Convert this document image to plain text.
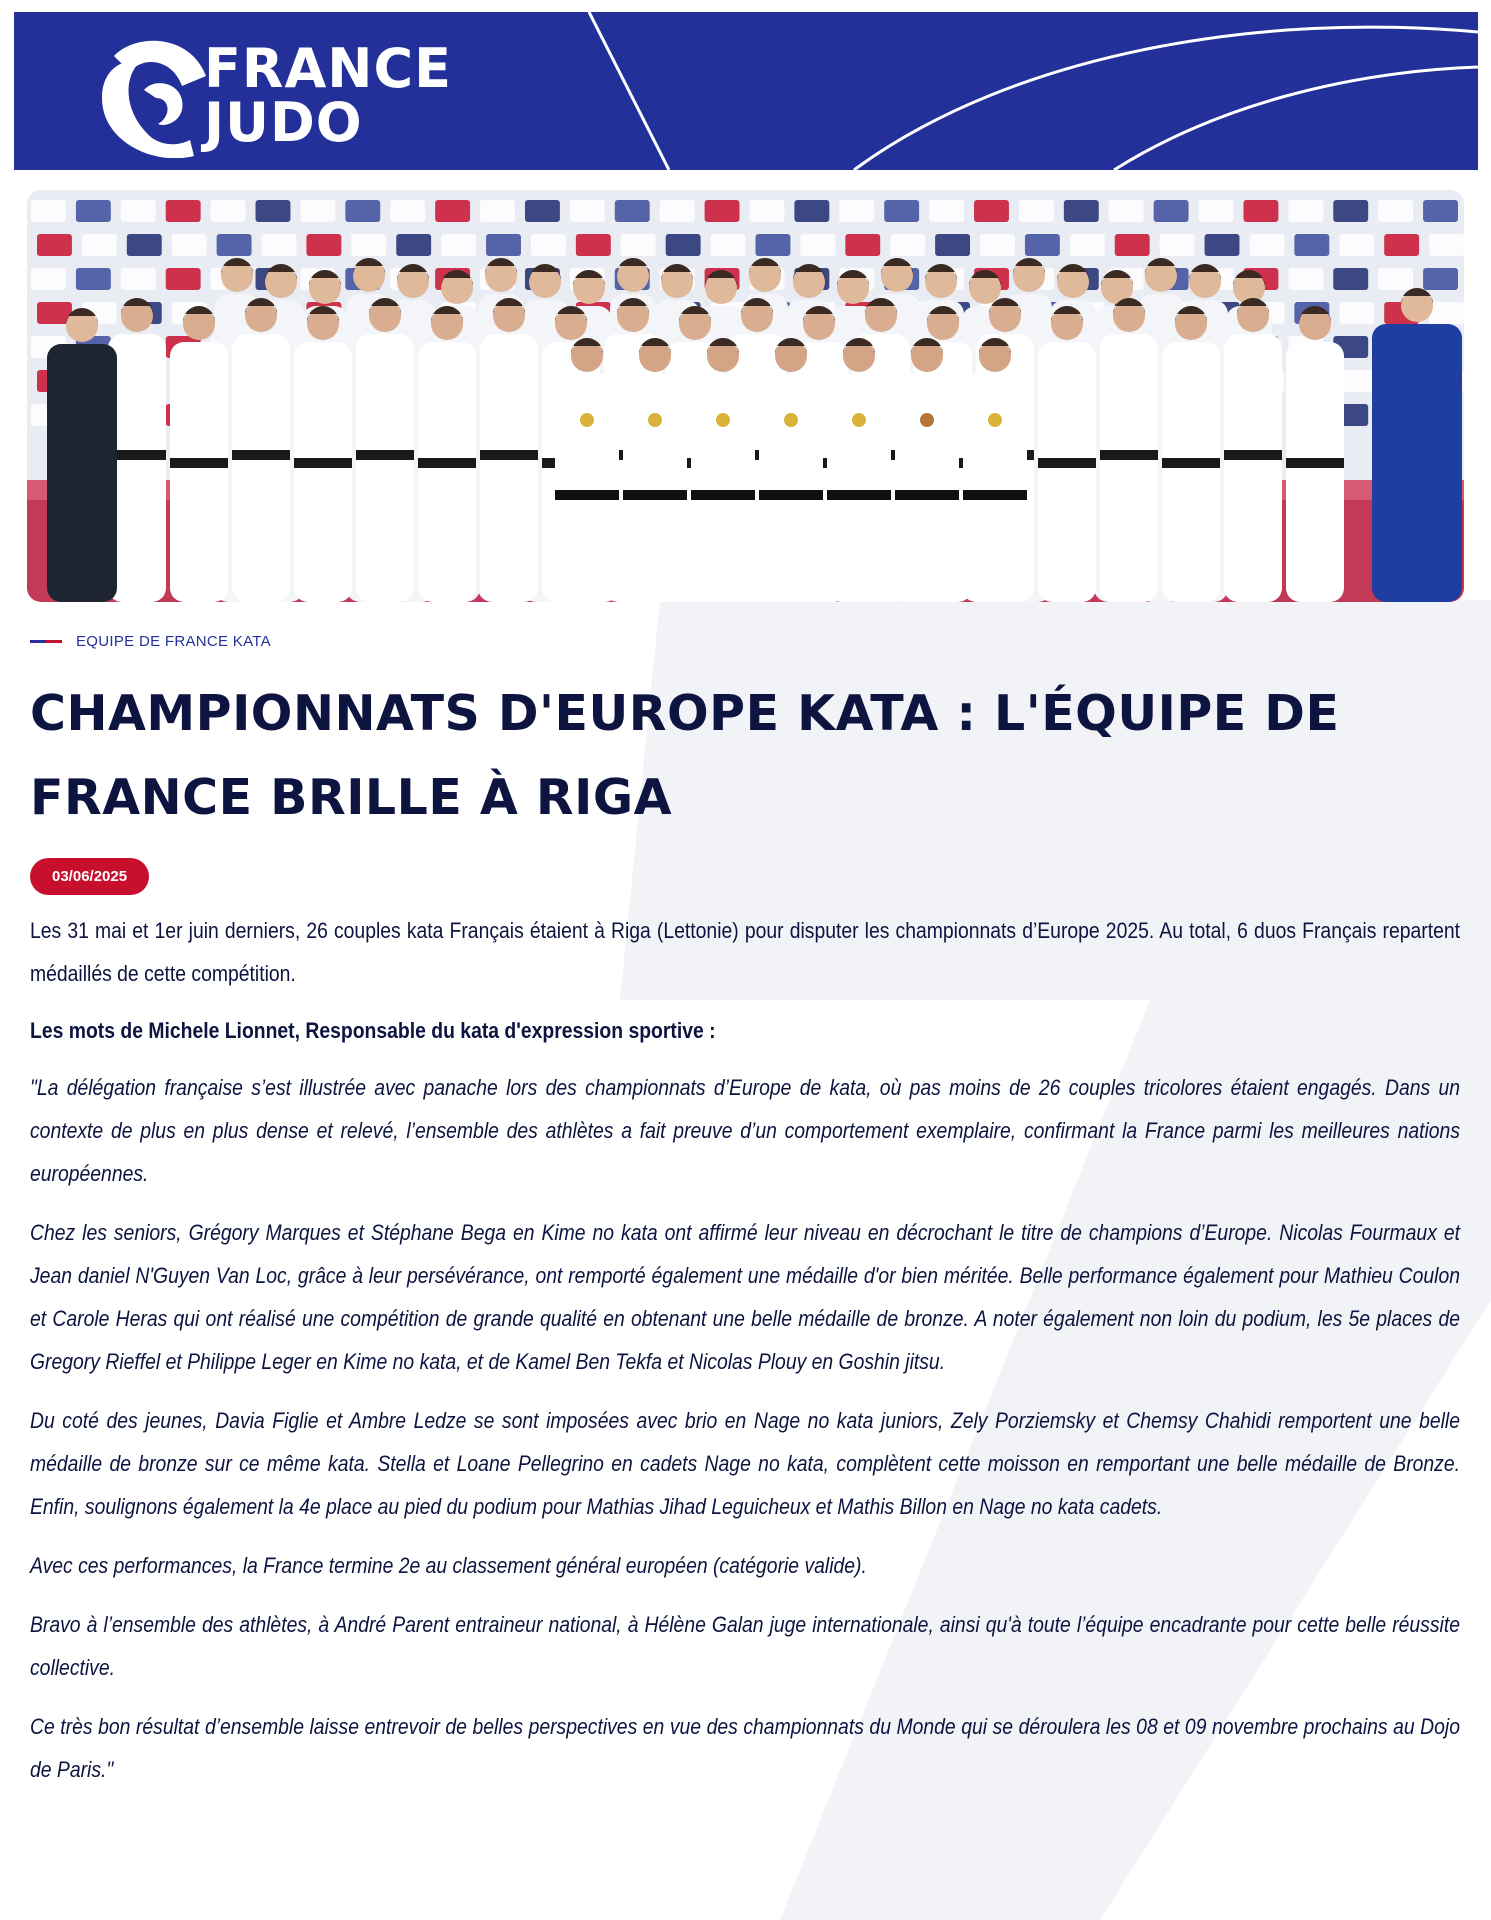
FRANCE
JUDO
EQUIPE DE FRANCE KATA
CHAMPIONNATS D'EUROPE KATA : L'ÉQUIPE DE FRANCE BRILLE À RIGA
03/06/2025

Les 31 mai et 1er juin derniers, 26 couples kata Français étaient à Riga (Lettonie) pour disputer les championnats d’Europe 2025. Au total, 6 duos Français repartent médaillés de cette compétition.

Les mots de Michele Lionnet, Responsable du kata d'expression sportive :

"La délégation française s’est illustrée avec panache lors des championnats d’Europe de kata, où pas moins de 26 couples tricolores étaient engagés. Dans un contexte de plus en plus dense et relevé, l’ensemble des athlètes a fait preuve d’un comportement exemplaire, confirmant la France parmi les meilleures nations européennes.

Chez les seniors, Grégory Marques et Stéphane Bega en Kime no kata ont affirmé leur niveau en décrochant le titre de champions d’Europe. Nicolas Fourmaux et Jean daniel N'Guyen Van Loc, grâce à leur persévérance, ont remporté également une médaille d'or bien méritée. Belle performance également pour Mathieu Coulon et Carole Heras qui ont réalisé une compétition de grande qualité en obtenant une belle médaille de bronze. A noter également non loin du podium, les 5e places de Gregory Rieffel et Philippe Leger en Kime no kata, et de Kamel Ben Tekfa et Nicolas Plouy en Goshin jitsu.

Du coté des jeunes, Davia Figlie et Ambre Ledze se sont imposées avec brio en Nage no kata juniors, Zely Porziemsky et Chemsy Chahidi remportent une belle médaille de bronze sur ce même kata. Stella et Loane Pellegrino en cadets Nage no kata, complètent cette moisson en remportant une belle médaille de Bronze. Enfin, soulignons également la 4e place au pied du podium pour Mathias Jihad Leguicheux et Mathis Billon en Nage no kata cadets.

Avec ces performances, la France termine 2e au classement général européen (catégorie valide).

Bravo à l’ensemble des athlètes, à André Parent entraineur national, à Hélène Galan juge internationale, ainsi qu'à toute l’équipe encadrante pour cette belle réussite collective.

Ce très bon résultat d’ensemble laisse entrevoir de belles perspectives en vue des championnats du Monde qui se déroulera les 08 et 09 novembre prochains au Dojo de Paris."
